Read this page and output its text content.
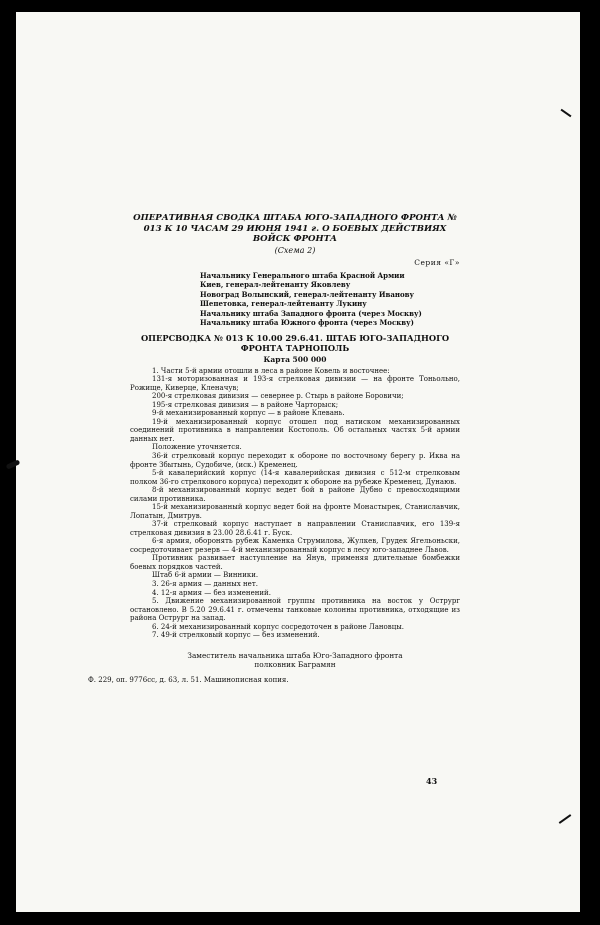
ОПЕРАТИВНАЯ СВОДКА ШТАБА ЮГО-ЗАПАДНОГО ФРОНТА № 013 К 10 ЧАСАМ 29 ИЮНЯ 1941 г. О БОЕВЫХ ДЕЙСТВИЯХ ВОЙСК ФРОНТА

(Схема 2)

Серия «Г»

Начальнику Генерального штаба Красной Армии
Киев, генерал-лейтенанту Яковлеву
Новоград Волынский, генерал-лейтенанту Иванову
Шепетовка, генерал-лейтенанту Лукину
Начальнику штаба Западного фронта (через Москву)
Начальнику штаба Южного фронта (через Москву)

ОПЕРСВОДКА № 013 К 10.00 29.6.41. ШТАБ ЮГО-ЗАПАДНОГО ФРОНТА ТАРНОПОЛЬ

Карта 500 000

1. Части 5-й армии отошли в леса в районе Ковель и восточнее:

131-я моторизованная и 193-я стрелковая дивизии — на фронте Тоньольно, Рожище, Киверце, Кленачув;

200-я стрелковая дивизия — севернее р. Стырь в районе Боровичи;

195-я стрелковая дивизия — в районе Чарторыск;

9-й механизированный корпус — в районе Клевань.

19-й механизированный корпус отошел под натиском механизированных соединений противника в направлении Костополь. Об остальных частях 5-й армии данных нет.

Положение уточняется.

36-й стрелковый корпус переходит к обороне по восточному берегу р. Иква на фронте Збытынь, Судобиче, (иск.) Кременец.

5-й кавалерийский корпус (14-я кавалерийская дивизия с 512-м стрелковым полком 36-го стрелкового корпуса) переходит к обороне на рубеже Кременец, Дунаюв.

8-й механизированный корпус ведет бой в районе Дубно с превосходящими силами противника.

15-й механизированный корпус ведет бой на фронте Монастырек, Станиславчик, Лопатын, Дмитрув.

37-й стрелковый корпус наступает в направлении Станиславчик, его 139-я стрелковая дивизия в 23.00 28.6.41 г. Буск.

6-я армия, оборонять рубеж Каменка Струмилова, Жулкев, Грудек Ягельоньски, сосредоточивает резерв — 4-й механизированный корпус в лесу юго-западнее Львов.

Противник развивает наступление на Янув, применяя длительные бомбежки боевых порядков частей.

Штаб 6-й армии — Винники.

3. 26-я армия — данных нет.

4. 12-я армия — без изменений.

5. Движение механизированной группы противника на восток у Острург остановлено. В 5.20 29.6.41 г. отмечены танковые колонны противника, отходящие из района Острург на запад.

6. 24-й механизированный корпус сосредоточен в районе Лановцы.

7. 49-й стрелковый корпус — без изменений.

Заместитель начальника штаба Юго-Западного фронта
полковник Баграмян
Ф. 229, оп. 9776сс, д. 63, л. 51. Машинописная копия.
43
